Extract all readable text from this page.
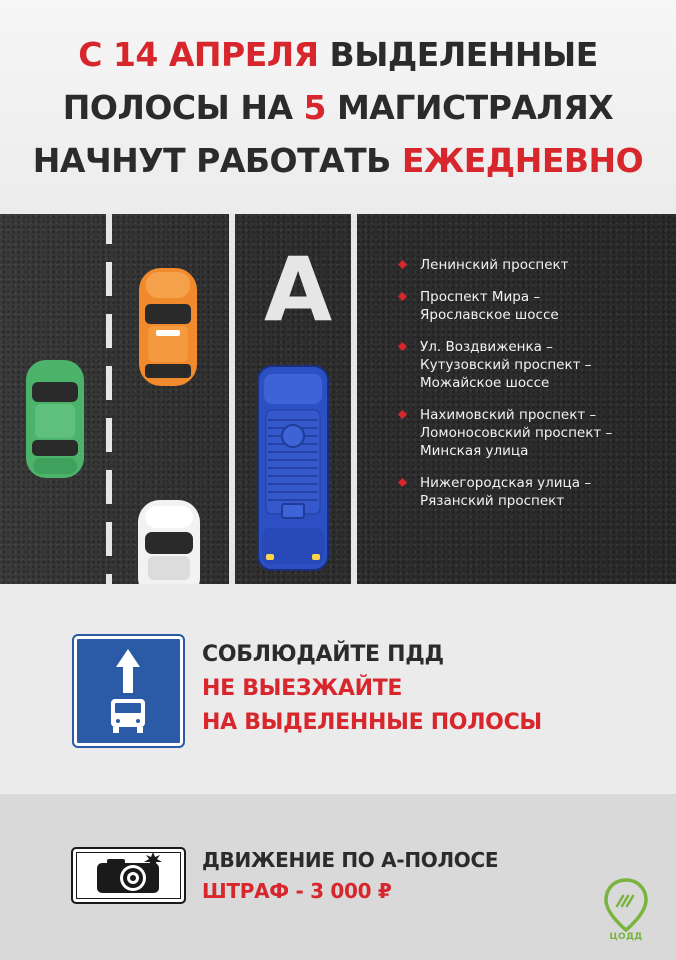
С 14 АПРЕЛЯ ВЫДЕЛЕННЫЕ
ПОЛОСЫ НА 5 МАГИСТРАЛЯХ
НАЧНУТ РАБОТАТЬ ЕЖЕДНЕВНО
А	Ленинский проспект
Проспект Мира –
Ярославское шоссе
Ул. Воздвиженка –
Кутузовский проспект –
Можайское шоссе
Нахимовский проспект –
Ломоносовский проспект –
Минская улица
Нижегородская улица –
Рязанский проспект
СОБЛЮДАЙТЕ ПДД
НЕ ВЫЕЗЖАЙТЕ
НА ВЫДЕЛЕННЫЕ ПОЛОСЫ
ДВИЖЕНИЕ ПО А-ПОЛОСЕ
ШТРАФ - 3 000 ₽
ЦОДД
